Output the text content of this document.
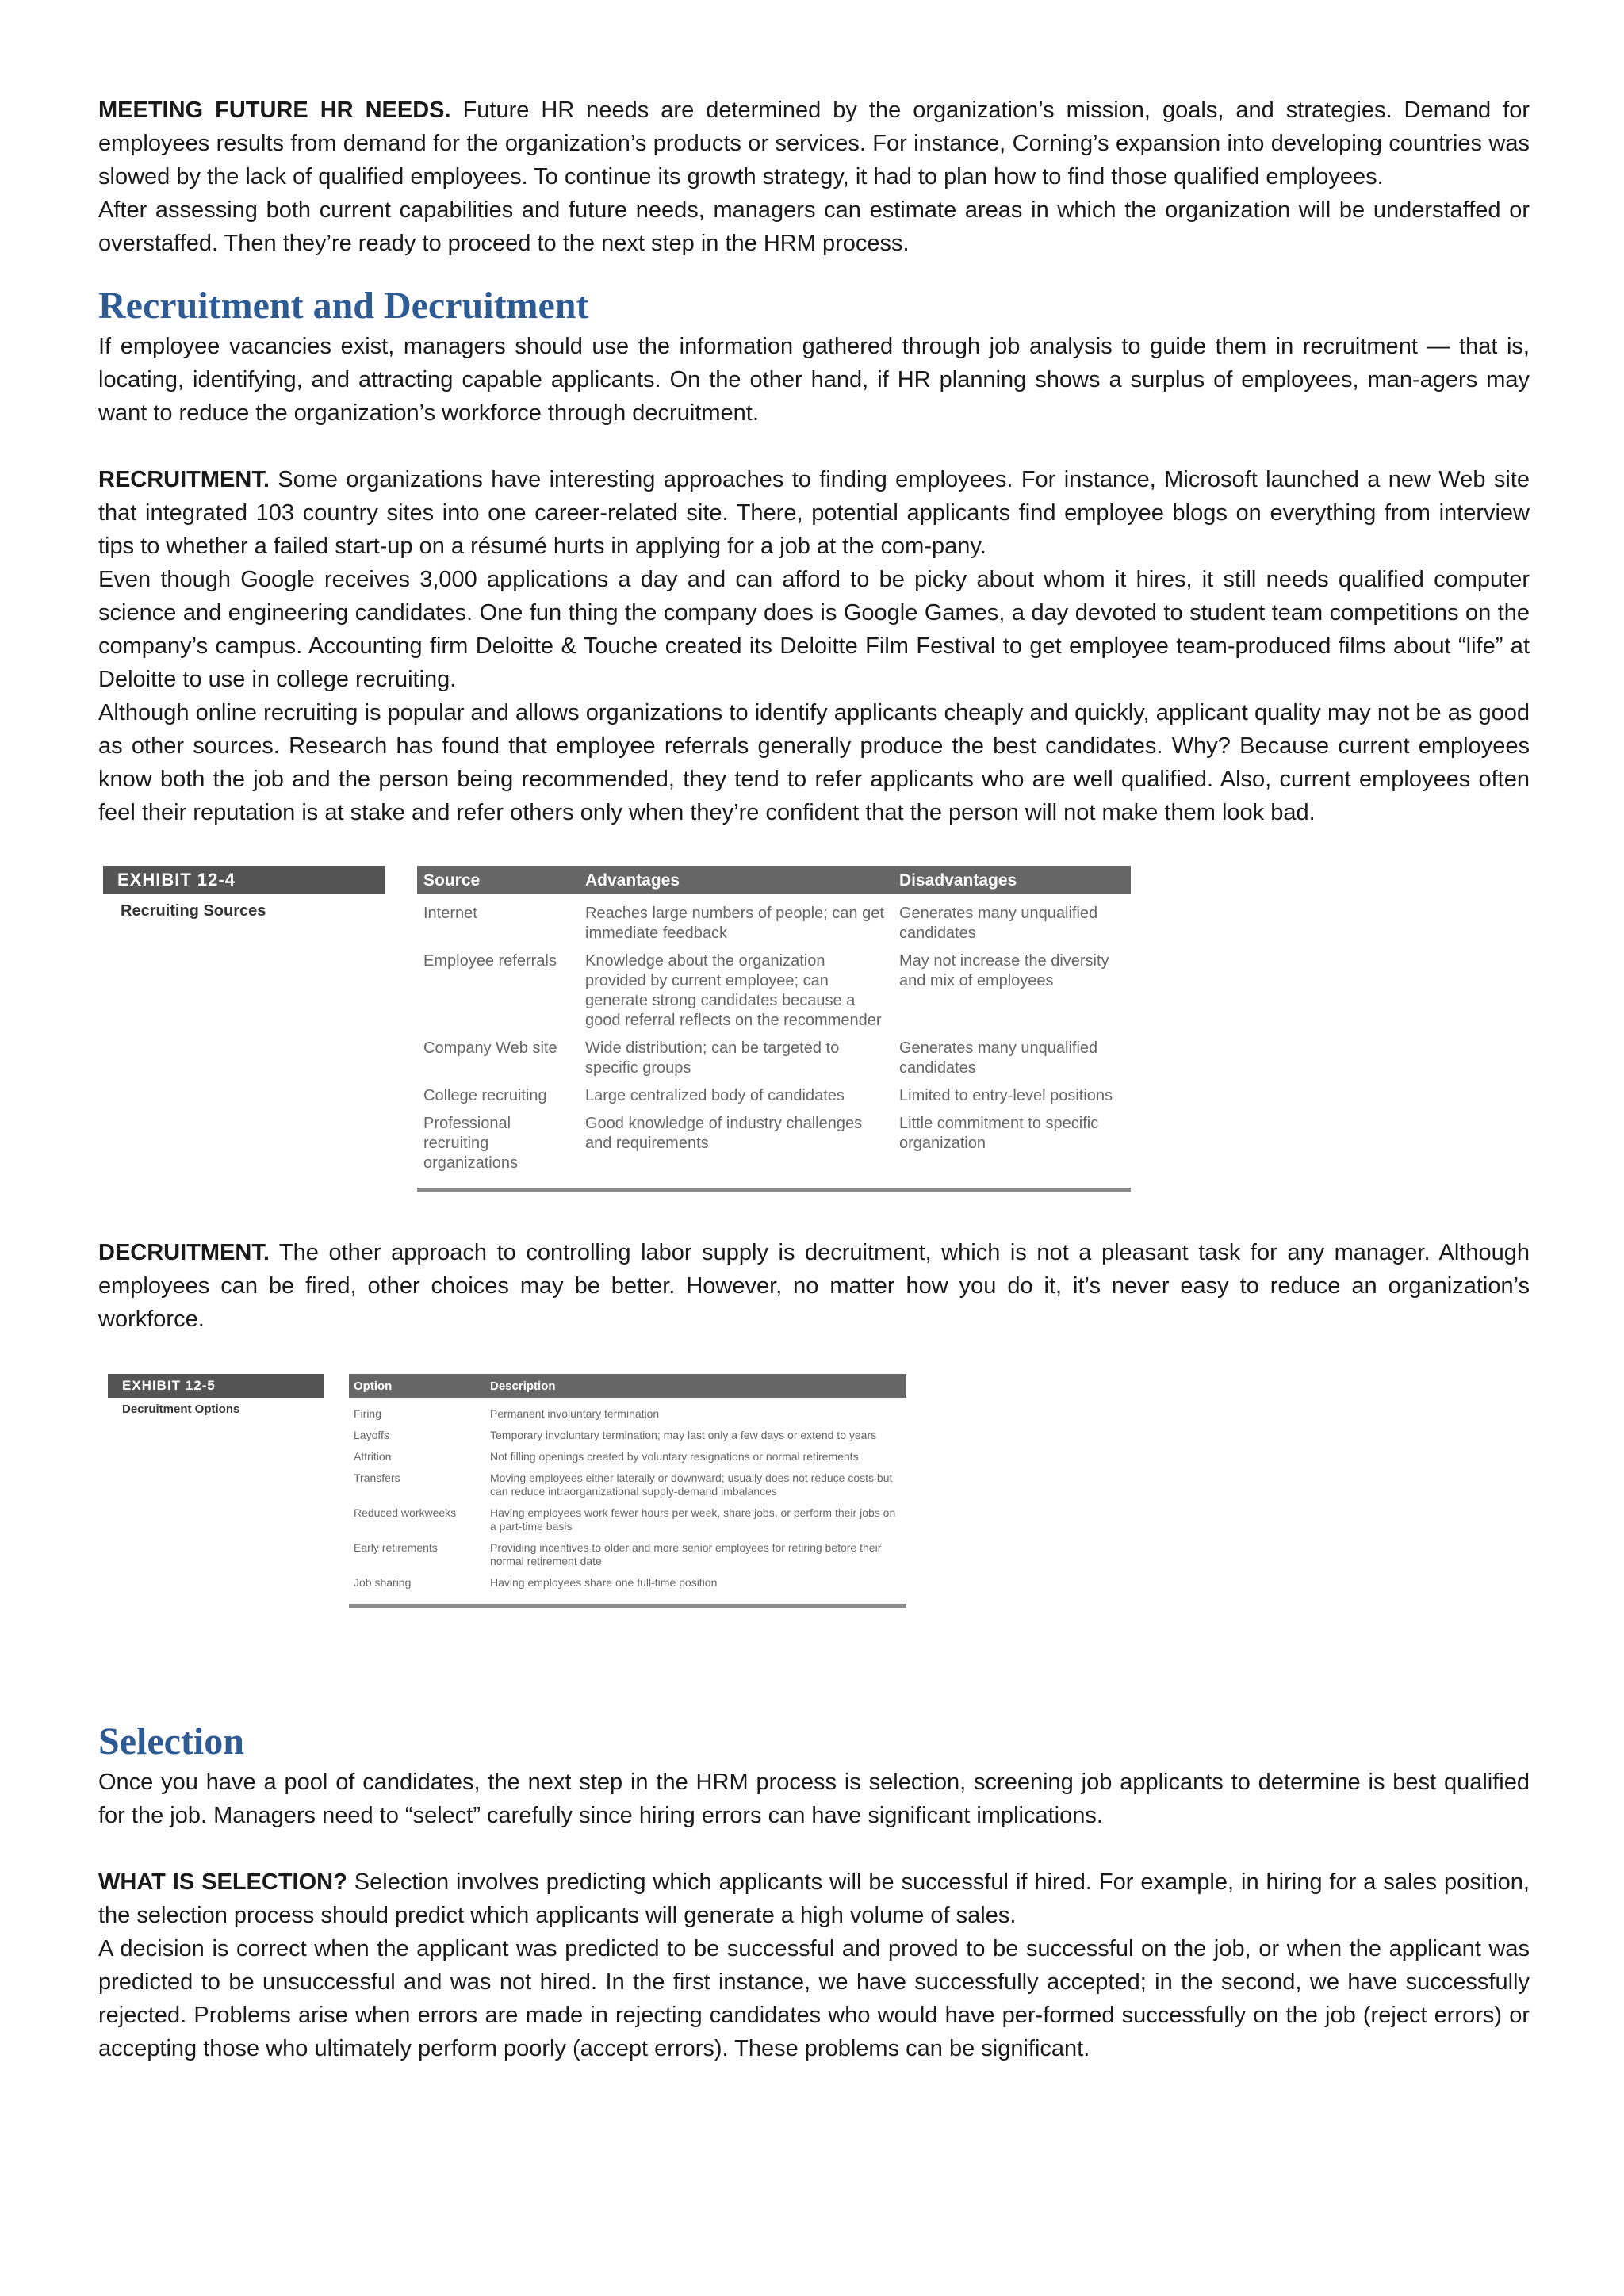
MEETING FUTURE HR NEEDS. Future HR needs are determined by the organization’s mission, goals, and strategies. Demand for employees results from demand for the organization’s products or services. For instance, Corning’s expansion into developing countries was slowed by the lack of qualified employees. To continue its growth strategy, it had to plan how to find those qualified employees.

After assessing both current capabilities and future needs, managers can estimate areas in which the organization will be understaffed or overstaffed. Then they’re ready to proceed to the next step in the HRM process.

Recruitment and Decruitment

If employee vacancies exist, managers should use the information gathered through job analysis to guide them in recruitment — that is, locating, identifying, and attracting capable applicants. On the other hand, if HR planning shows a surplus of employees, man-agers may want to reduce the organization’s workforce through decruitment.

RECRUITMENT. Some organizations have interesting approaches to finding employees. For instance, Microsoft launched a new Web site that integrated 103 country sites into one career-related site. There, potential applicants find employee blogs on everything from interview tips to whether a failed start-up on a résumé hurts in applying for a job at the com-pany.

Even though Google receives 3,000 applications a day and can afford to be picky about whom it hires, it still needs qualified computer science and engineering candidates. One fun thing the company does is Google Games, a day devoted to student team competitions on the company’s campus. Accounting firm Deloitte & Touche created its Deloitte Film Festival to get employee team-produced films about “life” at Deloitte to use in college recruiting.

Although online recruiting is popular and allows organizations to identify applicants cheaply and quickly, applicant quality may not be as good as other sources. Research has found that employee referrals generally produce the best candidates. Why? Because current employees know both the job and the person being recommended, they tend to refer applicants who are well qualified. Also, current employees often feel their reputation is at stake and refer others only when they’re confident that the person will not make them look bad.

EXHIBIT 12-4
Recruiting Sources
Source	Advantages	Disadvantages
Internet	Reaches large numbers of people; can get immediate feedback	Generates many unqualified candidates
Employee referrals	Knowledge about the organization provided by current employee; can generate strong candidates because a good referral reflects on the recommender	May not increase the diversity and mix of employees
Company Web site	Wide distribution; can be targeted to specific groups	Generates many unqualified candidates
College recruiting	Large centralized body of candidates	Limited to entry-level positions
Professional recruiting organizations	Good knowledge of industry challenges and requirements	Little commitment to specific organization

DECRUITMENT. The other approach to controlling labor supply is decruitment, which is not a pleasant task for any manager. Although employees can be fired, other choices may be better. However, no matter how you do it, it’s never easy to reduce an organization’s workforce.

EXHIBIT 12-5
Decruitment Options
Option	Description
Firing	Permanent involuntary termination
Layoffs	Temporary involuntary termination; may last only a few days or extend to years
Attrition	Not filling openings created by voluntary resignations or normal retirements
Transfers	Moving employees either laterally or downward; usually does not reduce costs but can reduce intraorganizational supply-demand imbalances
Reduced workweeks	Having employees work fewer hours per week, share jobs, or perform their jobs on a part-time basis
Early retirements	Providing incentives to older and more senior employees for retiring before their normal retirement date
Job sharing	Having employees share one full-time position
Selection

Once you have a pool of candidates, the next step in the HRM process is selection, screening job applicants to determine is best qualified for the job. Managers need to “select” carefully since hiring errors can have significant implications.

WHAT IS SELECTION? Selection involves predicting which applicants will be successful if hired. For example, in hiring for a sales position, the selection process should predict which applicants will generate a high volume of sales.

A decision is correct when the applicant was predicted to be successful and proved to be successful on the job, or when the applicant was predicted to be unsuccessful and was not hired. In the first instance, we have successfully accepted; in the second, we have successfully rejected. Problems arise when errors are made in rejecting candidates who would have per-formed successfully on the job (reject errors) or accepting those who ultimately perform poorly (accept errors). These problems can be significant.
